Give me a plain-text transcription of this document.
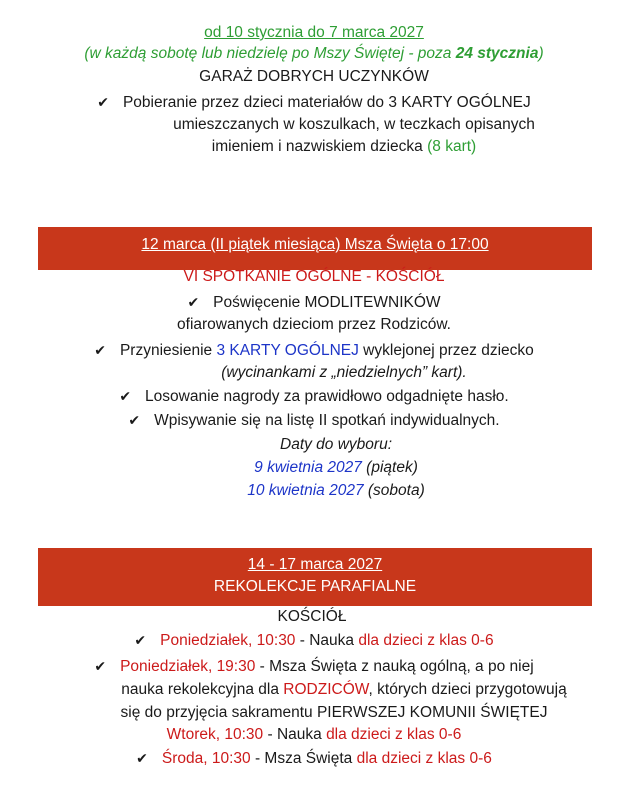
od 10 stycznia do 7 marca 2027
(w każdą sobotę lub niedzielę po Mszy Świętej - poza 24 stycznia)
GARAŻ DOBRYCH UCZYNKÓW
✔ Pobieranie przez dzieci materiałów do 3 KARTY OGÓLNEJ
umieszczanych w koszulkach, w teczkach opisanych
imieniem i nazwiskiem dziecka (8 kart)
12 marca (II piątek miesiąca) Msza Święta o 17:00
VI SPOTKANIE OGÓLNE - KOŚCIÓŁ
✔ Poświęcenie MODLITEWNIKÓW
ofiarowanych dzieciom przez Rodziców.
✔ Przyniesienie 3 KARTY OGÓLNEJ wyklejonej przez dziecko
(wycinankami z „niedzielnych” kart).
✔ Losowanie nagrody za prawidłowo odgadnięte hasło.
✔ Wpisywanie się na listę II spotkań indywidualnych.
Daty do wyboru:
9 kwietnia 2027 (piątek)
10 kwietnia 2027 (sobota)
14 - 17 marca 2027
REKOLEKCJE PARAFIALNE
KOŚCIÓŁ
✔ Poniedziałek, 10:30 - Nauka dla dzieci z klas 0-6
✔ Poniedziałek, 19:30 - Msza Święta z nauką ogólną, a po niej
nauka rekolekcyjna dla RODZICÓW, których dzieci przygotowują
się do przyjęcia sakramentu PIERWSZEJ KOMUNII ŚWIĘTEJ
Wtorek, 10:30 - Nauka dla dzieci z klas 0-6
✔ Środa, 10:30 - Msza Święta dla dzieci z klas 0-6
